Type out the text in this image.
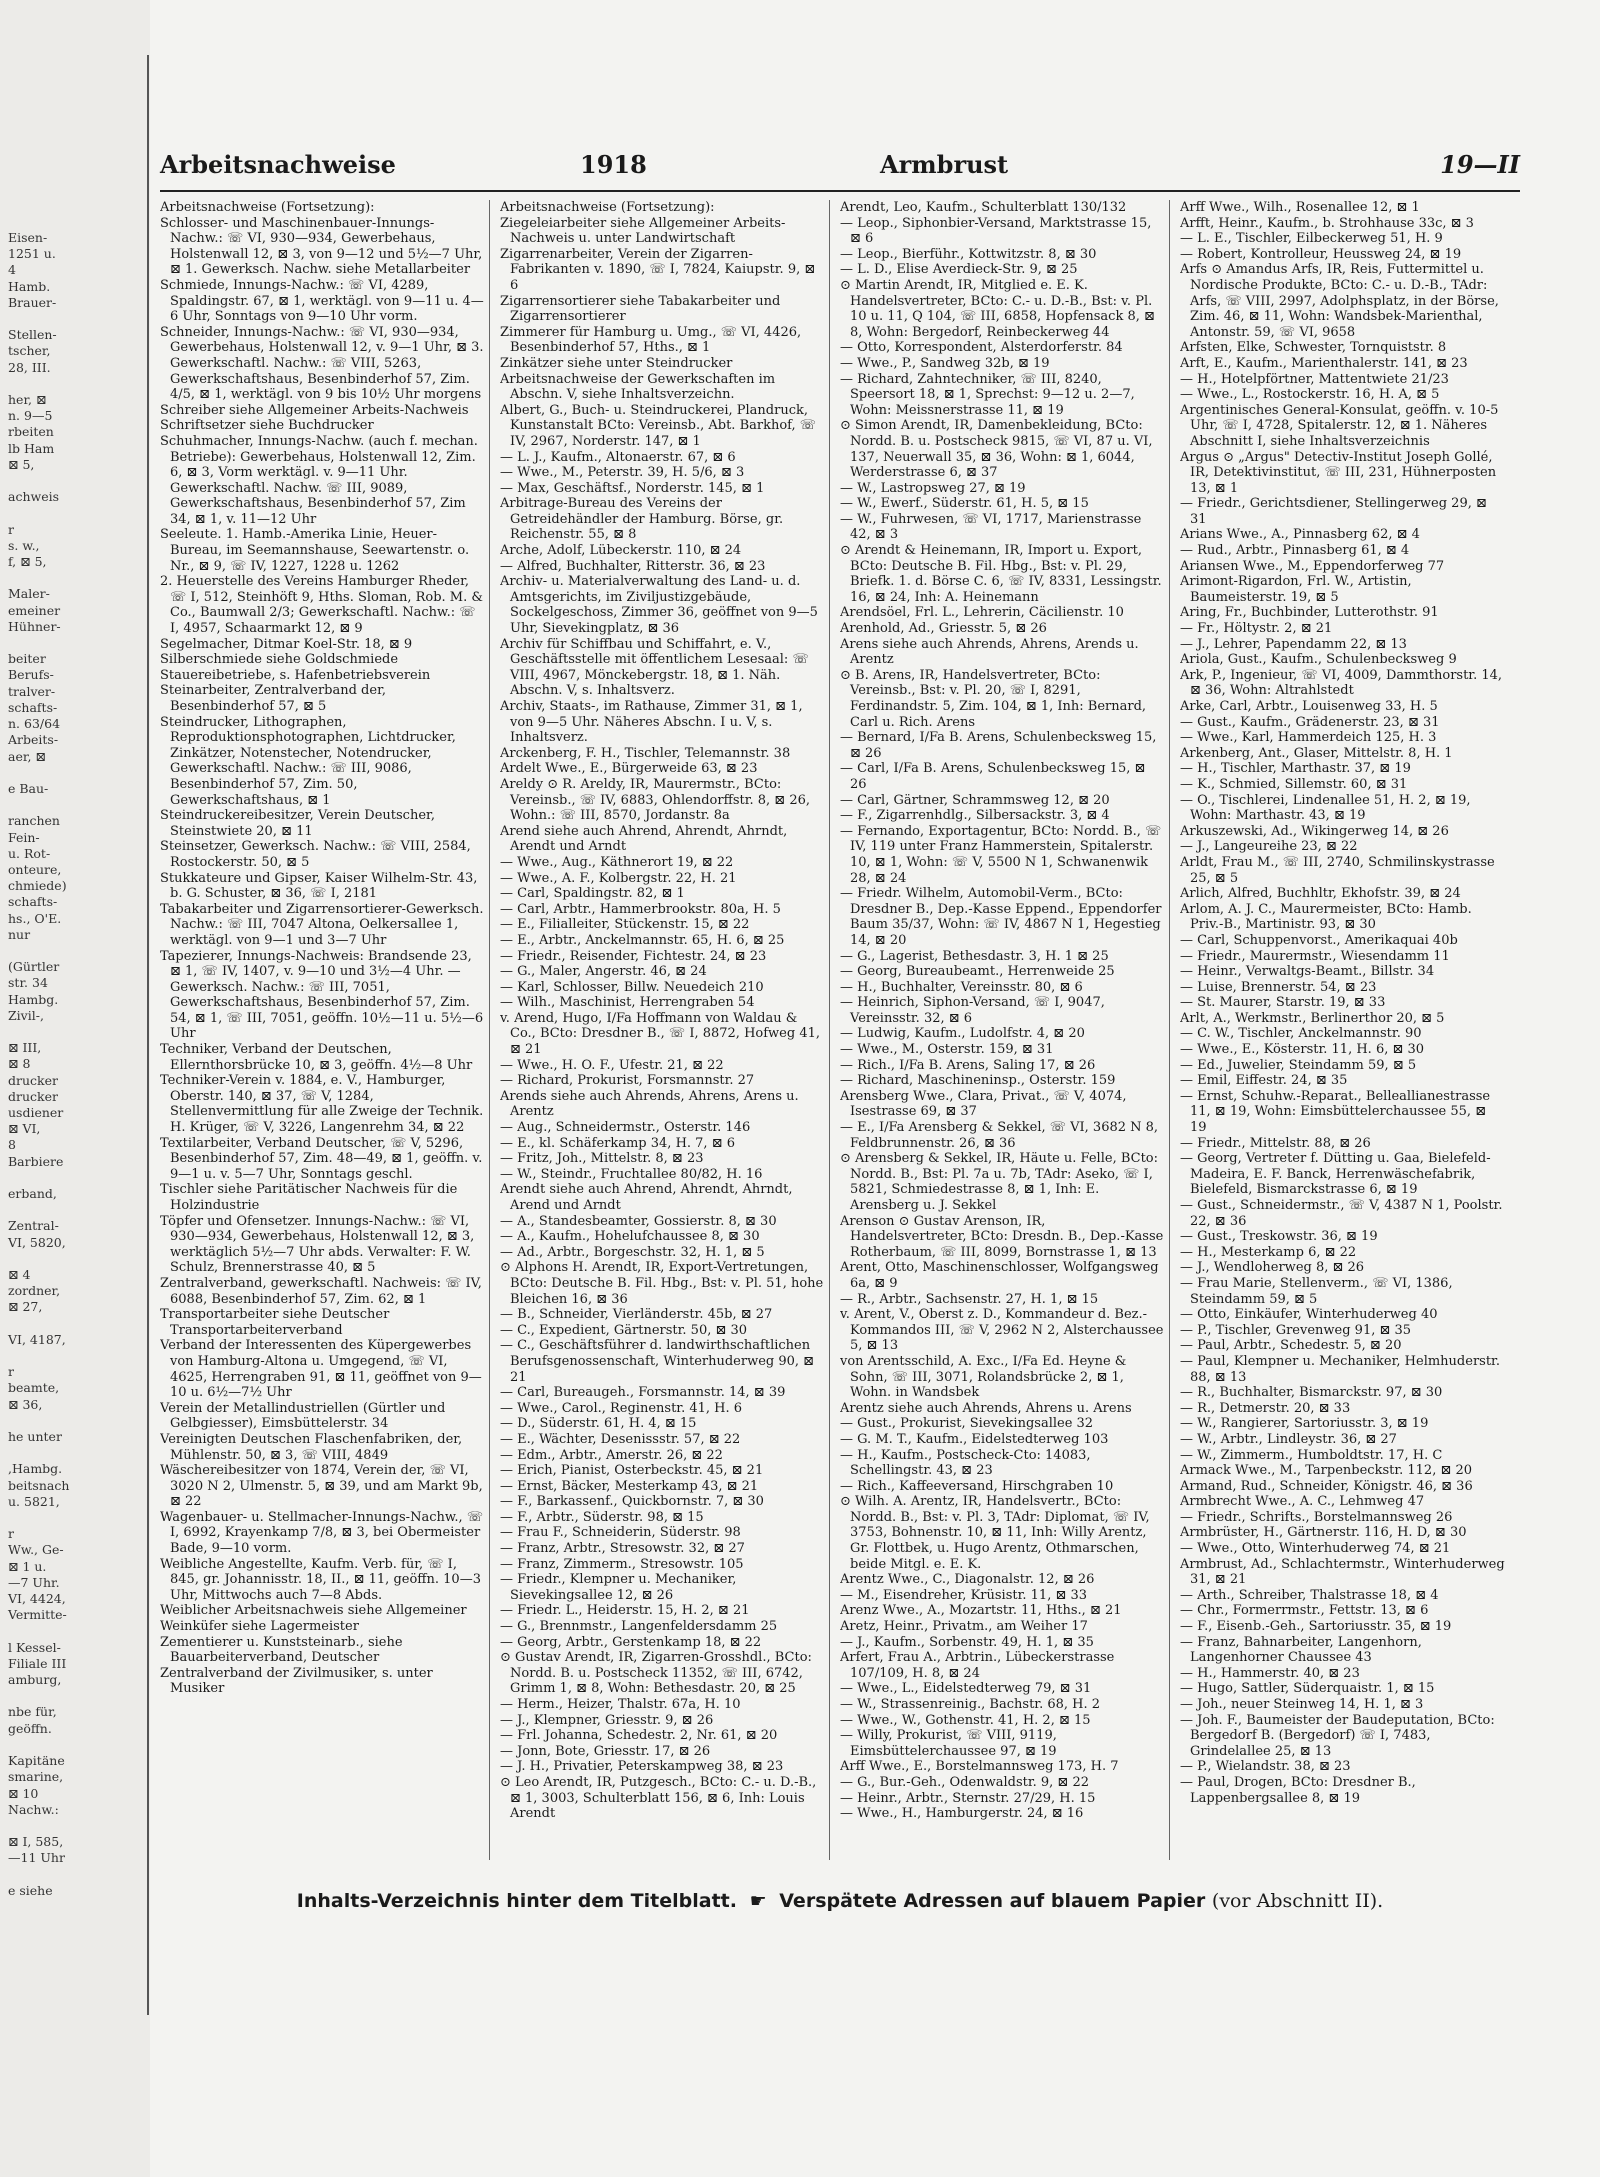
Eisen-
1251 u.
4
Hamb.
Brauer-

Stellen-
tscher,
28, III.

her, ⊠
n. 9—5
rbeiten
lb Ham
⊠ 5,

achweis

r
s. w.,
f, ⊠ 5,

Maler-
emeiner
Hühner-

beiter
Berufs-
tralver-
schafts-
n. 63/64
Arbeits-
aer, ⊠

e Bau-

ranchen
Fein-
u. Rot-
onteure,
chmiede)
schafts-
hs., O'E.
nur

(Gürtler
str. 34
Hambg.
Zivil-,

⊠ III,
⊠ 8
drucker
drucker
usdiener
⊠ VI,
8
Barbiere

erband,

Zentral-
VI, 5820,

⊠ 4
zordner,
⊠ 27,

VI, 4187,

r
beamte,
⊠ 36,

he unter

,Hambg.
beitsnach
u. 5821,

r
Ww., Ge-
⊠ 1 u.
—7 Uhr.
VI, 4424,
Vermitte-

l Kessel-
Filiale III
amburg,

nbe für,
geöffn.

Kapitäne
smarine,
⊠ 10
Nachw.:

⊠ I, 585,
—11 Uhr

e siehe
Arbeitsnachweise	1918	Armbrust	19—II

Arbeitsnachweise (Fortsetzung):

Schlosser- und Maschinenbauer-Innungs-Nachw.: ☏ VI, 930—934, Gewerbehaus, Holstenwall 12, ⊠ 3, von 9—12 und 5½—7 Uhr, ⊠ 1. Gewerksch. Nachw. siehe Metallarbeiter

Schmiede, Innungs-Nachw.: ☏ VI, 4289, Spaldingstr. 67, ⊠ 1, werktägl. von 9—11 u. 4—6 Uhr, Sonntags von 9—10 Uhr vorm.

Schneider, Innungs-Nachw.: ☏ VI, 930—934, Gewerbehaus, Holstenwall 12, v. 9—1 Uhr, ⊠ 3. Gewerkschaftl. Nachw.: ☏ VIII, 5263, Gewerkschaftshaus, Besenbinderhof 57, Zim. 4/5, ⊠ 1, werktägl. von 9 bis 10½ Uhr morgens

Schreiber siehe Allgemeiner Arbeits-Nachweis

Schriftsetzer siehe Buchdrucker

Schuhmacher, Innungs-Nachw. (auch f. mechan. Betriebe): Gewerbehaus, Holstenwall 12, Zim. 6, ⊠ 3, Vorm werktägl. v. 9—11 Uhr. Gewerkschaftl. Nachw. ☏ III, 9089, Gewerkschaftshaus, Besenbinderhof 57, Zim 34, ⊠ 1, v. 11—12 Uhr

Seeleute. 1. Hamb.-Amerika Linie, Heuer-Bureau, im Seemannshause, Seewartenstr. o. Nr., ⊠ 9, ☏ IV, 1227, 1228 u. 1262

2. Heuerstelle des Vereins Hamburger Rheder, ☏ I, 512, Steinhöft 9, Hths. Sloman, Rob. M. & Co., Baumwall 2/3; Gewerkschaftl. Nachw.: ☏ I, 4957, Schaarmarkt 12, ⊠ 9

Segelmacher, Ditmar Koel-Str. 18, ⊠ 9

Silberschmiede siehe Goldschmiede

Stauereibetriebe, s. Hafenbetriebsverein

Steinarbeiter, Zentralverband der, Besenbinderhof 57, ⊠ 5

Steindrucker, Lithographen, Reproduktionsphotographen, Lichtdrucker, Zinkätzer, Notenstecher, Notendrucker, Gewerkschaftl. Nachw.: ☏ III, 9086, Besenbinderhof 57, Zim. 50, Gewerkschaftshaus, ⊠ 1

Steindruckereibesitzer, Verein Deutscher, Steinstwiete 20, ⊠ 11

Steinsetzer, Gewerksch. Nachw.: ☏ VIII, 2584, Rostockerstr. 50, ⊠ 5

Stukkateure und Gipser, Kaiser Wilhelm-Str. 43, b. G. Schuster, ⊠ 36, ☏ I, 2181

Tabakarbeiter und Zigarrensortierer-Gewerksch. Nachw.: ☏ III, 7047 Altona, Oelkersallee 1, werktägl. von 9—1 und 3—7 Uhr

Tapezierer, Innungs-Nachweis: Brandsende 23, ⊠ 1, ☏ IV, 1407, v. 9—10 und 3½—4 Uhr. — Gewerksch. Nachw.: ☏ III, 7051, Gewerkschaftshaus, Besenbinderhof 57, Zim. 54, ⊠ 1, ☏ III, 7051, geöffn. 10½—11 u. 5½—6 Uhr

Techniker, Verband der Deutschen, Ellernthorsbrücke 10, ⊠ 3, geöffn. 4½—8 Uhr

Techniker-Verein v. 1884, e. V., Hamburger, Oberstr. 140, ⊠ 37, ☏ V, 1284, Stellenvermittlung für alle Zweige der Technik. H. Krüger, ☏ V, 3226, Langenrehm 34, ⊠ 22

Textilarbeiter, Verband Deutscher, ☏ V, 5296, Besenbinderhof 57, Zim. 48—49, ⊠ 1, geöffn. v. 9—1 u. v. 5—7 Uhr, Sonntags geschl.

Tischler siehe Paritätischer Nachweis für die Holzindustrie

Töpfer und Ofensetzer. Innungs-Nachw.: ☏ VI, 930—934, Gewerbehaus, Holstenwall 12, ⊠ 3, werktäglich 5½—7 Uhr abds. Verwalter: F. W. Schulz, Brennerstrasse 40, ⊠ 5

Zentralverband, gewerkschaftl. Nachweis: ☏ IV, 6088, Besenbinderhof 57, Zim. 62, ⊠ 1

Transportarbeiter siehe Deutscher Transportarbeiterverband

Verband der Interessenten des Küpergewerbes von Hamburg-Altona u. Umgegend, ☏ VI, 4625, Herrengraben 91, ⊠ 11, geöffnet von 9—10 u. 6½—7½ Uhr

Verein der Metallindustriellen (Gürtler und Gelbgiesser), Eimsbüttelerstr. 34

Vereinigten Deutschen Flaschenfabriken, der, Mühlenstr. 50, ⊠ 3, ☏ VIII, 4849

Wäschereibesitzer von 1874, Verein der, ☏ VI, 3020 N 2, Ulmenstr. 5, ⊠ 39, und am Markt 9b, ⊠ 22

Wagenbauer- u. Stellmacher-Innungs-Nachw., ☏ I, 6992, Krayenkamp 7/8, ⊠ 3, bei Obermeister Bade, 9—10 vorm.

Weibliche Angestellte, Kaufm. Verb. für, ☏ I, 845, gr. Johannisstr. 18, II., ⊠ 11, geöffn. 10—3 Uhr, Mittwochs auch 7—8 Abds.

Weiblicher Arbeitsnachweis siehe Allgemeiner

Weinküfer siehe Lagermeister

Zementierer u. Kunststeinarb., siehe Bauarbeiterverband, Deutscher

Zentralverband der Zivilmusiker, s. unter Musiker

Arbeitsnachweise (Fortsetzung):

Ziegeleiarbeiter siehe Allgemeiner Arbeits-Nachweis u. unter Landwirtschaft

Zigarrenarbeiter, Verein der Zigarren-Fabrikanten v. 1890, ☏ I, 7824, Kaiupstr. 9, ⊠ 6

Zigarrensortierer siehe Tabakarbeiter und Zigarrensortierer

Zimmerer für Hamburg u. Umg., ☏ VI, 4426, Besenbinderhof 57, Hths., ⊠ 1

Zinkätzer siehe unter Steindrucker

Arbeitsnachweise der Gewerkschaften im Abschn. V, siehe Inhaltsverzeichn.

Albert, G., Buch- u. Steindruckerei, Plandruck, Kunstanstalt BCto: Vereinsb., Abt. Barkhof, ☏ IV, 2967, Norderstr. 147, ⊠ 1

— L. J., Kaufm., Altonaerstr. 67, ⊠ 6

— Wwe., M., Peterstr. 39, H. 5/6, ⊠ 3

— Max, Geschäftsf., Norderstr. 145, ⊠ 1

Arbitrage-Bureau des Vereins der Getreidehändler der Hamburg. Börse, gr. Reichenstr. 55, ⊠ 8

Arche, Adolf, Lübeckerstr. 110, ⊠ 24

— Alfred, Buchhalter, Ritterstr. 36, ⊠ 23

Archiv- u. Materialverwaltung des Land- u. d. Amtsgerichts, im Ziviljustizgebäude, Sockelgeschoss, Zimmer 36, geöffnet von 9—5 Uhr, Sievekingplatz, ⊠ 36

Archiv für Schiffbau und Schiffahrt, e. V., Geschäftsstelle mit öffentlichem Lesesaal: ☏ VIII, 4967, Mönckebergstr. 18, ⊠ 1. Näh. Abschn. V, s. Inhaltsverz.

Archiv, Staats-, im Rathause, Zimmer 31, ⊠ 1, von 9—5 Uhr. Näheres Abschn. I u. V, s. Inhaltsverz.

Arckenberg, F. H., Tischler, Telemannstr. 38

Ardelt Wwe., E., Bürgerweide 63, ⊠ 23

Areldy ⊙ R. Areldy, IR, Maurermstr., BCto: Vereinsb., ☏ IV, 6883, Ohlendorffstr. 8, ⊠ 26, Wohn.: ☏ III, 8570, Jordanstr. 8a

Arend siehe auch Ahrend, Ahrendt, Ahrndt, Arendt und Arndt

— Wwe., Aug., Käthnerort 19, ⊠ 22

— Wwe., A. F., Kolbergstr. 22, H. 21

— Carl, Spaldingstr. 82, ⊠ 1

— Carl, Arbtr., Hammerbrookstr. 80a, H. 5

— E., Filialleiter, Stückenstr. 15, ⊠ 22

— E., Arbtr., Anckelmannstr. 65, H. 6, ⊠ 25

— Friedr., Reisender, Fichtestr. 24, ⊠ 23

— G., Maler, Angerstr. 46, ⊠ 24

— Karl, Schlosser, Billw. Neuedeich 210

— Wilh., Maschinist, Herrengraben 54

v. Arend, Hugo, I/Fa Hoffmann von Waldau & Co., BCto: Dresdner B., ☏ I, 8872, Hofweg 41, ⊠ 21

— Wwe., H. O. F., Ufestr. 21, ⊠ 22

— Richard, Prokurist, Forsmannstr. 27

Arends siehe auch Ahrends, Ahrens, Arens u. Arentz

— Aug., Schneidermstr., Osterstr. 146

— E., kl. Schäferkamp 34, H. 7, ⊠ 6

— Fritz, Joh., Mittelstr. 8, ⊠ 23

— W., Steindr., Fruchtallee 80/82, H. 16

Arendt siehe auch Ahrend, Ahrendt, Ahrndt, Arend und Arndt

— A., Standesbeamter, Gossierstr. 8, ⊠ 30

— A., Kaufm., Hohelufchaussee 8, ⊠ 30

— Ad., Arbtr., Borgeschstr. 32, H. 1, ⊠ 5

⊙ Alphons H. Arendt, IR, Export-Vertretungen, BCto: Deutsche B. Fil. Hbg., Bst: v. Pl. 51, hohe Bleichen 16, ⊠ 36

— B., Schneider, Vierländerstr. 45b, ⊠ 27

— C., Expedient, Gärtnerstr. 50, ⊠ 30

— C., Geschäftsführer d. landwirthschaftlichen Berufsgenossenschaft, Winterhuderweg 90, ⊠ 21

— Carl, Bureaugeh., Forsmannstr. 14, ⊠ 39

— Wwe., Carol., Reginenstr. 41, H. 6

— D., Süderstr. 61, H. 4, ⊠ 15

— E., Wächter, Desenissstr. 57, ⊠ 22

— Edm., Arbtr., Amerstr. 26, ⊠ 22

— Erich, Pianist, Osterbeckstr. 45, ⊠ 21

— Ernst, Bäcker, Mesterkamp 43, ⊠ 21

— F., Barkassenf., Quickbornstr. 7, ⊠ 30

— F., Arbtr., Süderstr. 98, ⊠ 15

— Frau F., Schneiderin, Süderstr. 98

— Franz, Arbtr., Stresowstr. 32, ⊠ 27

— Franz, Zimmerm., Stresowstr. 105

— Friedr., Klempner u. Mechaniker, Sievekingsallee 12, ⊠ 26

— Friedr. L., Heiderstr. 15, H. 2, ⊠ 21

— G., Brennmstr., Langenfeldersdamm 25

— Georg, Arbtr., Gerstenkamp 18, ⊠ 22

⊙ Gustav Arendt, IR, Zigarren-Grosshdl., BCto: Nordd. B. u. Postscheck 11352, ☏ III, 6742, Grimm 1, ⊠ 8, Wohn: Bethesdastr. 20, ⊠ 25

— Herm., Heizer, Thalstr. 67a, H. 10

— J., Klempner, Griesstr. 9, ⊠ 26

— Frl. Johanna, Schedestr. 2, Nr. 61, ⊠ 20

— Jonn, Bote, Griesstr. 17, ⊠ 26

— J. H., Privatier, Peterskampweg 38, ⊠ 23

⊙ Leo Arendt, IR, Putzgesch., BCto: C.- u. D.-B., ⊠ 1, 3003, Schulterblatt 156, ⊠ 6, Inh: Louis Arendt

Arendt, Leo, Kaufm., Schulterblatt 130/132

— Leop., Siphonbier-Versand, Marktstrasse 15, ⊠ 6

— Leop., Bierführ., Kottwitzstr. 8, ⊠ 30

— L. D., Elise Averdieck-Str. 9, ⊠ 25

⊙ Martin Arendt, IR, Mitglied e. E. K. Handelsvertreter, BCto: C.- u. D.-B., Bst: v. Pl. 10 u. 11, Q 104, ☏ III, 6858, Hopfensack 8, ⊠ 8, Wohn: Bergedorf, Reinbeckerweg 44

— Otto, Korrespondent, Alsterdorferstr. 84

— Wwe., P., Sandweg 32b, ⊠ 19

— Richard, Zahntechniker, ☏ III, 8240, Speersort 18, ⊠ 1, Sprechst: 9—12 u. 2—7, Wohn: Meissnerstrasse 11, ⊠ 19

⊙ Simon Arendt, IR, Damenbekleidung, BCto: Nordd. B. u. Postscheck 9815, ☏ VI, 87 u. VI, 137, Neuerwall 35, ⊠ 36, Wohn: ⊠ 1, 6044, Werderstrasse 6, ⊠ 37

— W., Lastropsweg 27, ⊠ 19

— W., Ewerf., Süderstr. 61, H. 5, ⊠ 15

— W., Fuhrwesen, ☏ VI, 1717, Marienstrasse 42, ⊠ 3

⊙ Arendt & Heinemann, IR, Import u. Export, BCto: Deutsche B. Fil. Hbg., Bst: v. Pl. 29, Briefk. 1. d. Börse C. 6, ☏ IV, 8331, Lessingstr. 16, ⊠ 24, Inh: A. Heinemann

Arendsöel, Frl. L., Lehrerin, Cäcilienstr. 10

Arenhold, Ad., Griesstr. 5, ⊠ 26

Arens siehe auch Ahrends, Ahrens, Arends u. Arentz

⊙ B. Arens, IR, Handelsvertreter, BCto: Vereinsb., Bst: v. Pl. 20, ☏ I, 8291, Ferdinandstr. 5, Zim. 104, ⊠ 1, Inh: Bernard, Carl u. Rich. Arens

— Bernard, I/Fa B. Arens, Schulenbecksweg 15, ⊠ 26

— Carl, I/Fa B. Arens, Schulenbecksweg 15, ⊠ 26

— Carl, Gärtner, Schrammsweg 12, ⊠ 20

— F., Zigarrenhdlg., Silbersackstr. 3, ⊠ 4

— Fernando, Exportagentur, BCto: Nordd. B., ☏ IV, 119 unter Franz Hammerstein, Spitalerstr. 10, ⊠ 1, Wohn: ☏ V, 5500 N 1, Schwanenwik 28, ⊠ 24

— Friedr. Wilhelm, Automobil-Verm., BCto: Dresdner B., Dep.-Kasse Eppend., Eppendorfer Baum 35/37, Wohn: ☏ IV, 4867 N 1, Hegestieg 14, ⊠ 20

— G., Lagerist, Bethesdastr. 3, H. 1 ⊠ 25

— Georg, Bureaubeamt., Herrenweide 25

— H., Buchhalter, Vereinsstr. 80, ⊠ 6

— Heinrich, Siphon-Versand, ☏ I, 9047, Vereinsstr. 32, ⊠ 6

— Ludwig, Kaufm., Ludolfstr. 4, ⊠ 20

— Wwe., M., Osterstr. 159, ⊠ 31

— Rich., I/Fa B. Arens, Saling 17, ⊠ 26

— Richard, Maschineninsp., Osterstr. 159

Arensberg Wwe., Clara, Privat., ☏ V, 4074, Isestrasse 69, ⊠ 37

— E., I/Fa Arensberg & Sekkel, ☏ VI, 3682 N 8, Feldbrunnenstr. 26, ⊠ 36

⊙ Arensberg & Sekkel, IR, Häute u. Felle, BCto: Nordd. B., Bst: Pl. 7a u. 7b, TAdr: Aseko, ☏ I, 5821, Schmiedestrasse 8, ⊠ 1, Inh: E. Arensberg u. J. Sekkel

Arenson ⊙ Gustav Arenson, IR, Handelsvertreter, BCto: Dresdn. B., Dep.-Kasse Rotherbaum, ☏ III, 8099, Bornstrasse 1, ⊠ 13

Arent, Otto, Maschinenschlosser, Wolfgangsweg 6a, ⊠ 9

— R., Arbtr., Sachsenstr. 27, H. 1, ⊠ 15

v. Arent, V., Oberst z. D., Kommandeur d. Bez.-Kommandos III, ☏ V, 2962 N 2, Alsterchaussee 5, ⊠ 13

von Arentsschild, A. Exc., I/Fa Ed. Heyne & Sohn, ☏ III, 3071, Rolandsbrücke 2, ⊠ 1, Wohn. in Wandsbek

Arentz siehe auch Ahrends, Ahrens u. Arens

— Gust., Prokurist, Sievekingsallee 32

— G. M. T., Kaufm., Eidelstedterweg 103

— H., Kaufm., Postscheck-Cto: 14083, Schellingstr. 43, ⊠ 23

— Rich., Kaffeeversand, Hirschgraben 10

⊙ Wilh. A. Arentz, IR, Handelsvertr., BCto: Nordd. B., Bst: v. Pl. 3, TAdr: Diplomat, ☏ IV, 3753, Bohnenstr. 10, ⊠ 11, Inh: Willy Arentz, Gr. Flottbek, u. Hugo Arentz, Othmarschen, beide Mitgl. e. E. K.

Arentz Wwe., C., Diagonalstr. 12, ⊠ 26

— M., Eisendreher, Krüsistr. 11, ⊠ 33

Arenz Wwe., A., Mozartstr. 11, Hths., ⊠ 21

Aretz, Heinr., Privatm., am Weiher 17

— J., Kaufm., Sorbenstr. 49, H. 1, ⊠ 35

Arfert, Frau A., Arbtrin., Lübeckerstrasse 107/109, H. 8, ⊠ 24

— Wwe., L., Eidelstedterweg 79, ⊠ 31

— W., Strassenreinig., Bachstr. 68, H. 2

— Wwe., W., Gothenstr. 41, H. 2, ⊠ 15

— Willy, Prokurist, ☏ VIII, 9119, Eimsbüttelerchaussee 97, ⊠ 19

Arff Wwe., E., Borstelmannsweg 173, H. 7

— G., Bur.-Geh., Odenwaldstr. 9, ⊠ 22

— Heinr., Arbtr., Sternstr. 27/29, H. 15

— Wwe., H., Hamburgerstr. 24, ⊠ 16

Arff Wwe., Wilh., Rosenallee 12, ⊠ 1

Arfft, Heinr., Kaufm., b. Strohhause 33c, ⊠ 3

— L. E., Tischler, Eilbeckerweg 51, H. 9

— Robert, Kontrolleur, Heussweg 24, ⊠ 19

Arfs ⊙ Amandus Arfs, IR, Reis, Futtermittel u. Nordische Produkte, BCto: C.- u. D.-B., TAdr: Arfs, ☏ VIII, 2997, Adolphsplatz, in der Börse, Zim. 46, ⊠ 11, Wohn: Wandsbek-Marienthal, Antonstr. 59, ☏ VI, 9658

Arfsten, Elke, Schwester, Tornquiststr. 8

Arft, E., Kaufm., Marienthalerstr. 141, ⊠ 23

— H., Hotelpförtner, Mattentwiete 21/23

— Wwe., L., Rostockerstr. 16, H. A, ⊠ 5

Argentinisches General-Konsulat, geöffn. v. 10-5 Uhr, ☏ I, 4728, Spitalerstr. 12, ⊠ 1. Näheres Abschnitt I, siehe Inhaltsverzeichnis

Argus ⊙ „Argus" Detectiv-Institut Joseph Gollé, IR, Detektivinstitut, ☏ III, 231, Hühnerposten 13, ⊠ 1

— Friedr., Gerichtsdiener, Stellingerweg 29, ⊠ 31

Arians Wwe., A., Pinnasberg 62, ⊠ 4

— Rud., Arbtr., Pinnasberg 61, ⊠ 4

Ariansen Wwe., M., Eppendorferweg 77

Arimont-Rigardon, Frl. W., Artistin, Baumeisterstr. 19, ⊠ 5

Aring, Fr., Buchbinder, Lutterothstr. 91

— Fr., Höltystr. 2, ⊠ 21

— J., Lehrer, Papendamm 22, ⊠ 13

Ariola, Gust., Kaufm., Schulenbecksweg 9

Ark, P., Ingenieur, ☏ VI, 4009, Dammthorstr. 14, ⊠ 36, Wohn: Altrahlstedt

Arke, Carl, Arbtr., Louisenweg 33, H. 5

— Gust., Kaufm., Grädenerstr. 23, ⊠ 31

— Wwe., Karl, Hammerdeich 125, H. 3

Arkenberg, Ant., Glaser, Mittelstr. 8, H. 1

— H., Tischler, Marthastr. 37, ⊠ 19

— K., Schmied, Sillemstr. 60, ⊠ 31

— O., Tischlerei, Lindenallee 51, H. 2, ⊠ 19, Wohn: Marthastr. 43, ⊠ 19

Arkuszewski, Ad., Wikingerweg 14, ⊠ 26

— J., Langeureihe 23, ⊠ 22

Arldt, Frau M., ☏ III, 2740, Schmilinskystrasse 25, ⊠ 5

Arlich, Alfred, Buchhltr, Ekhofstr. 39, ⊠ 24

Arlom, A. J. C., Maurermeister, BCto: Hamb. Priv.-B., Martinistr. 93, ⊠ 30

— Carl, Schuppenvorst., Amerikaquai 40b

— Friedr., Maurermstr., Wiesendamm 11

— Heinr., Verwaltgs-Beamt., Billstr. 34

— Luise, Brennerstr. 54, ⊠ 23

— St. Maurer, Starstr. 19, ⊠ 33

Arlt, A., Werkmstr., Berlinerthor 20, ⊠ 5

— C. W., Tischler, Anckelmannstr. 90

— Wwe., E., Kösterstr. 11, H. 6, ⊠ 30

— Ed., Juwelier, Steindamm 59, ⊠ 5

— Emil, Eiffestr. 24, ⊠ 35

— Ernst, Schuhw.-Reparat., Belleallianestrasse 11, ⊠ 19, Wohn: Eimsbüttelerchaussee 55, ⊠ 19

— Friedr., Mittelstr. 88, ⊠ 26

— Georg, Vertreter f. Dütting u. Gaa, Bielefeld-Madeira, E. F. Banck, Herrenwäschefabrik, Bielefeld, Bismarckstrasse 6, ⊠ 19

— Gust., Schneidermstr., ☏ V, 4387 N 1, Poolstr. 22, ⊠ 36

— Gust., Treskowstr. 36, ⊠ 19

— H., Mesterkamp 6, ⊠ 22

— J., Wendloherweg 8, ⊠ 26

— Frau Marie, Stellenverm., ☏ VI, 1386, Steindamm 59, ⊠ 5

— Otto, Einkäufer, Winterhuderweg 40

— P., Tischler, Grevenweg 91, ⊠ 35

— Paul, Arbtr., Schedestr. 5, ⊠ 20

— Paul, Klempner u. Mechaniker, Helmhuderstr. 88, ⊠ 13

— R., Buchhalter, Bismarckstr. 97, ⊠ 30

— R., Detmerstr. 20, ⊠ 33

— W., Rangierer, Sartoriusstr. 3, ⊠ 19

— W., Arbtr., Lindleystr. 36, ⊠ 27

— W., Zimmerm., Humboldtstr. 17, H. C

Armack Wwe., M., Tarpenbeckstr. 112, ⊠ 20

Armand, Rud., Schneider, Königstr. 46, ⊠ 36

Armbrecht Wwe., A. C., Lehmweg 47

— Friedr., Schrifts., Borstelmannsweg 26

Armbrüster, H., Gärtnerstr. 116, H. D, ⊠ 30

— Wwe., Otto, Winterhuderweg 74, ⊠ 21

Armbrust, Ad., Schlachtermstr., Winterhuderweg 31, ⊠ 21

— Arth., Schreiber, Thalstrasse 18, ⊠ 4

— Chr., Formerrmstr., Fettstr. 13, ⊠ 6

— F., Eisenb.-Geh., Sartoriusstr. 35, ⊠ 19

— Franz, Bahnarbeiter, Langenhorn, Langenhorner Chaussee 43

— H., Hammerstr. 40, ⊠ 23

— Hugo, Sattler, Süderquaistr. 1, ⊠ 15

— Joh., neuer Steinweg 14, H. 1, ⊠ 3

— Joh. F., Baumeister der Baudeputation, BCto: Bergedorf B. (Bergedorf) ☏ I, 7483, Grindelallee 25, ⊠ 13

— P., Wielandstr. 38, ⊠ 23

— Paul, Drogen, BCto: Dresdner B., Lappenbergsallee 8, ⊠ 19

Inhalts-Verzeichnis hinter dem Titelblatt. ☛ Verspätete Adressen auf blauem Papier (vor Abschnitt II).
